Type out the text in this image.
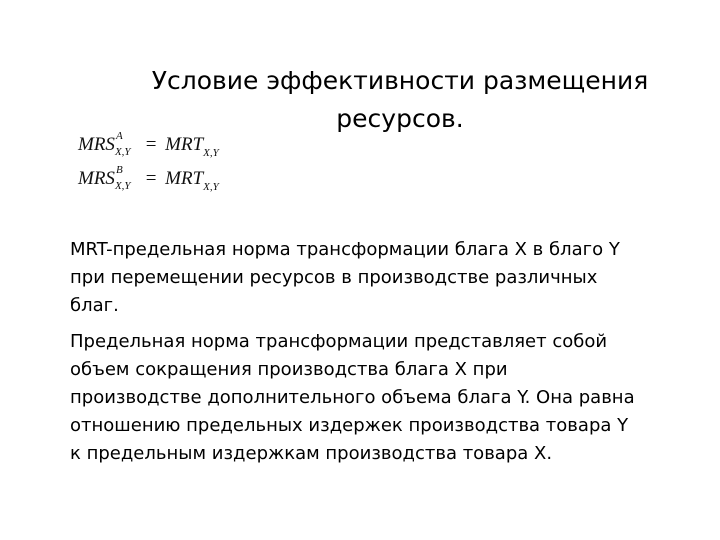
Условие эффективности размещения
ресурсов.
MRS A
X,Y = MRTX,Y
MRS B
X,Y = MRTX,Y
MRT-предельная норма трансформации блага X в благо Y
при перемещении ресурсов в производстве различных
благ.
Предельная норма трансформации представляет собой
объем сокращения производства блага X при
производстве дополнительного объема блага Y. Она равна
отношению предельных издержек производства товара Y
к предельным издержкам производства товара X.
